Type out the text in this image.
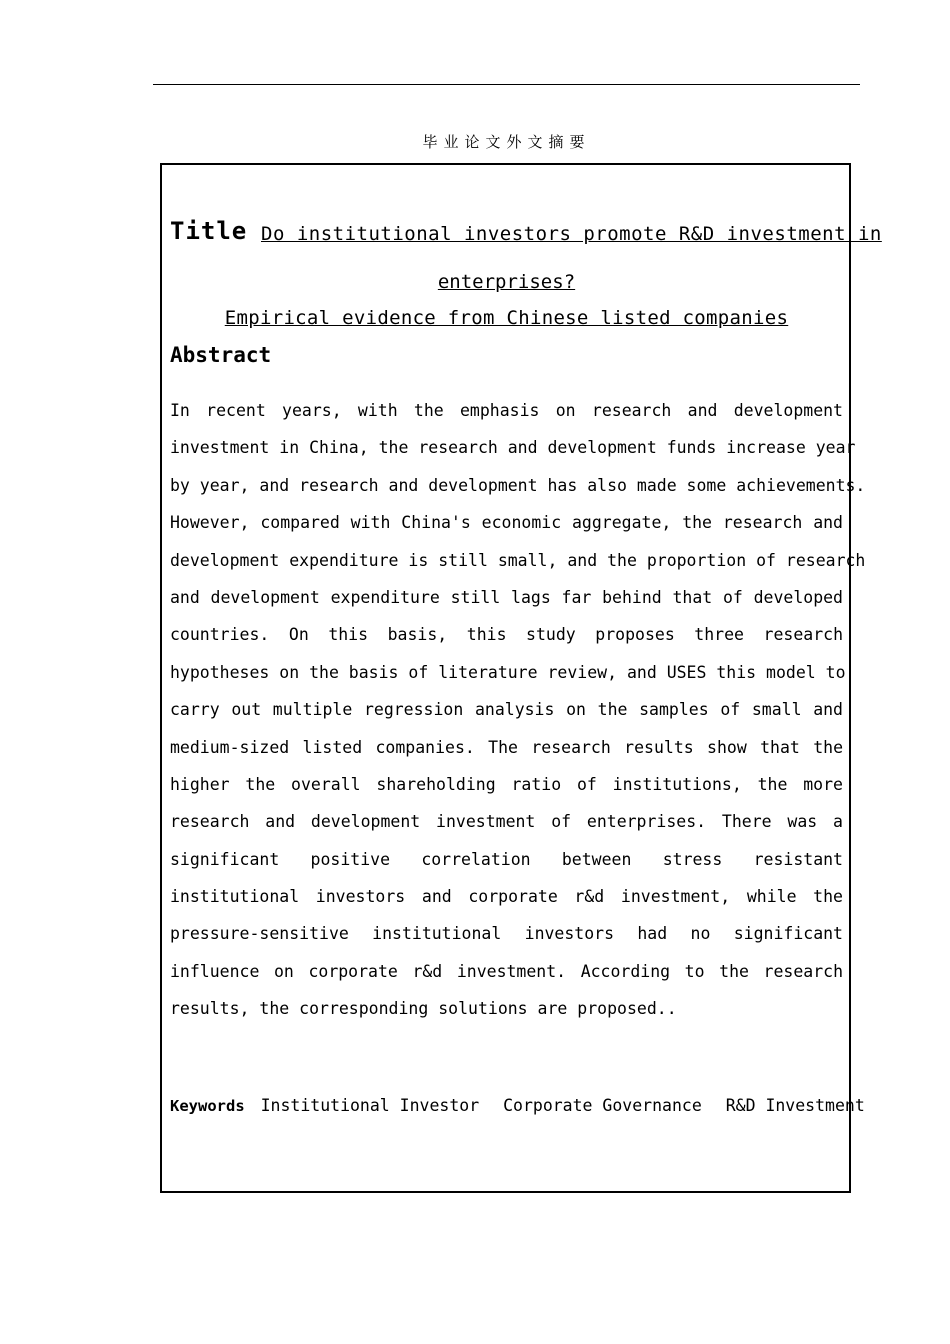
毕业论文外文摘要
Title Do institutional investors promote R&D investment in
enterprises?
Empirical evidence from Chinese listed companies
Abstract
In recent years, with the emphasis on research and development
investment in China, the research and development funds increase year
by year, and research and development has also made some achievements.
However, compared with China's economic aggregate, the research and
development expenditure is still small, and the proportion of research
and development expenditure still lags far behind that of developed
countries. On this basis, this study proposes three research
hypotheses on the basis of literature review, and USES this model to
carry out multiple regression analysis on the samples of small and
medium-sized listed companies. The research results show that the
higher the overall shareholding ratio of institutions, the more
research and development investment of enterprises. There was a
significant positive correlation between stress resistant
institutional investors and corporate r&d investment, while the
pressure-sensitive institutional investors had no significant
influence on corporate r&d investment. According to the research
results, the corresponding solutions are proposed..
Keywords Institutional Investor Corporate Governance R&D Investment
